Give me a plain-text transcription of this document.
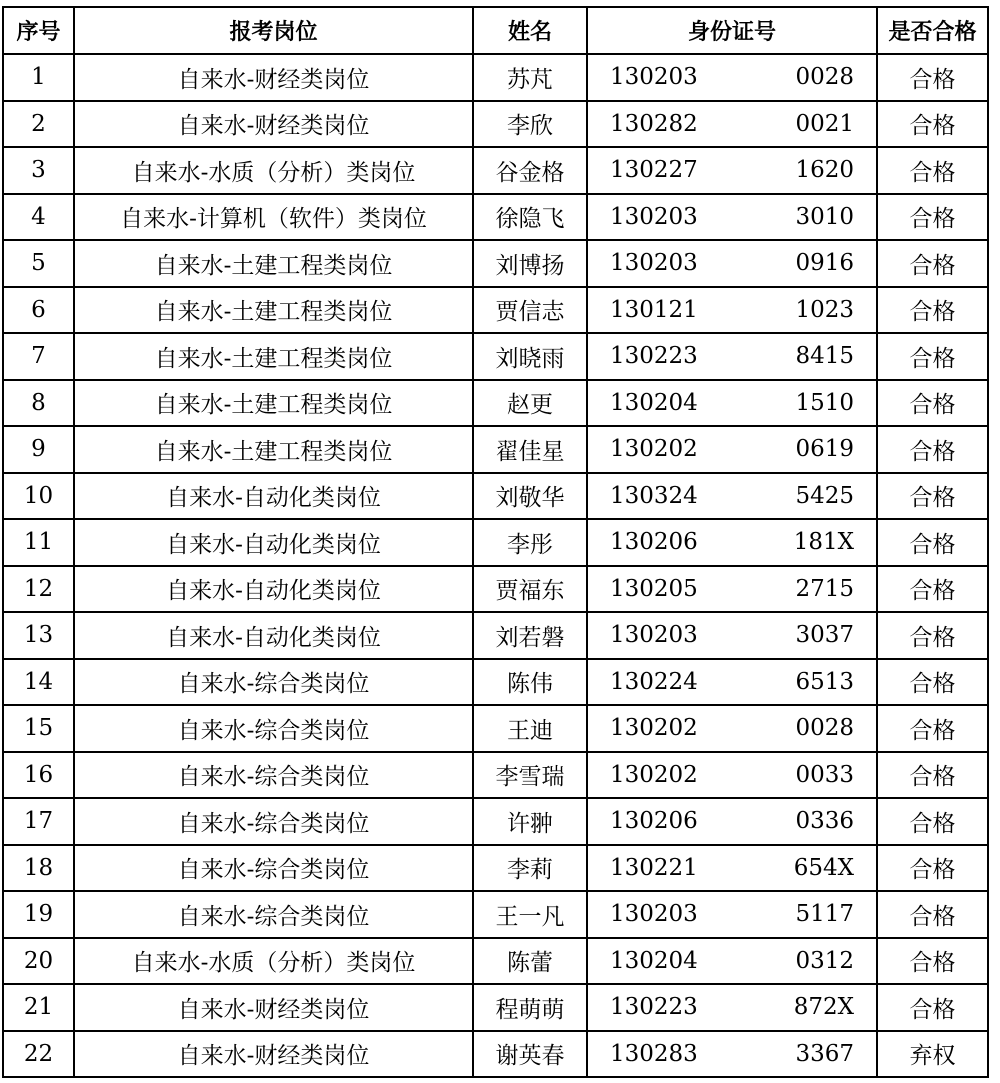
序号	报考岗位	姓名	身份证号	是否合格
1	自来水-财经类岗位	苏芃	130203 0028	合格
2	自来水-财经类岗位	李欣	130282 0021	合格
3	自来水-水质（分析）类岗位	谷金格	130227 1620	合格
4	自来水-计算机（软件）类岗位	徐隐飞	130203 3010	合格
5	自来水-土建工程类岗位	刘博扬	130203 0916	合格
6	自来水-土建工程类岗位	贾信志	130121 1023	合格
7	自来水-土建工程类岗位	刘晓雨	130223 8415	合格
8	自来水-土建工程类岗位	赵更	130204 1510	合格
9	自来水-土建工程类岗位	翟佳星	130202 0619	合格
10	自来水-自动化类岗位	刘敬华	130324 5425	合格
11	自来水-自动化类岗位	李彤	130206 181X	合格
12	自来水-自动化类岗位	贾福东	130205 2715	合格
13	自来水-自动化类岗位	刘若磐	130203 3037	合格
14	自来水-综合类岗位	陈伟	130224 6513	合格
15	自来水-综合类岗位	王迪	130202 0028	合格
16	自来水-综合类岗位	李雪瑞	130202 0033	合格
17	自来水-综合类岗位	许翀	130206 0336	合格
18	自来水-综合类岗位	李莉	130221 654X	合格
19	自来水-综合类岗位	王一凡	130203 5117	合格
20	自来水-水质（分析）类岗位	陈蕾	130204 0312	合格
21	自来水-财经类岗位	程萌萌	130223 872X	合格
22	自来水-财经类岗位	谢英春	130283 3367	弃权
